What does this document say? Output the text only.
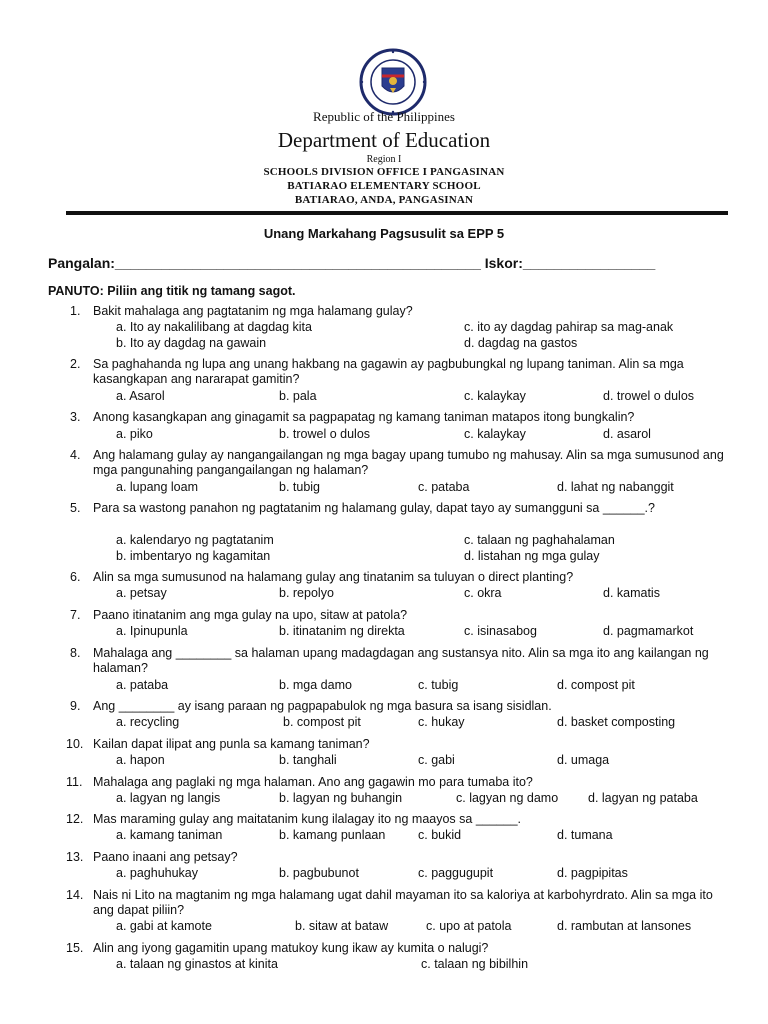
Republic of the Philippines
Department of Education
Region I
SCHOOLS DIVISION OFFICE I PANGASINAN
BATIARAO ELEMENTARY SCHOOL
BATIARAO, ANDA, PANGASINAN
Unang Markahang Pagsusulit sa EPP 5
Pangalan:_______________________________________________ Iskor:_________________
PANUTO: Piliin ang titik ng tamang sagot.
1.	Bakit mahalaga ang pagtatanim ng mga halamang gulay?
a. Ito ay nakalilibang at dagdag kita
b. Ito ay dagdag na gawain
c. ito ay dagdag pahirap sa mag-anak
d. dagdag na gastos
2.	Sa paghahanda ng lupa ang unang hakbang na gagawin ay pagbubungkal ng lupang taniman. Alin sa mga kasangkapan ang nararapat gamitin?
a. Asarol	b. pala	c. kalaykay	d. trowel o dulos
3.	Anong kasangkapan ang ginagamit sa pagpapatag ng kamang taniman matapos itong bungkalin?
a. piko	b. trowel o dulos	c. kalaykay	d. asarol
4.	Ang halamang gulay ay nangangailangan ng mga bagay upang tumubo ng mahusay. Alin sa mga sumusunod ang mga pangunahing pangangailangan ng halaman?
a. lupang loam	b. tubig	c. pataba	d. lahat ng nabanggit
5.	Para sa wastong panahon ng pagtatanim ng halamang gulay, dapat tayo ay sumangguni sa ______.?
a. kalendaryo ng pagtatanim
b. imbentaryo ng kagamitan
c. talaan ng paghahalaman
d. listahan ng mga gulay
6.	Alin sa mga sumusunod na halamang gulay ang tinatanim sa tuluyan o direct planting?
a. petsay	b. repolyo	c. okra	d. kamatis
7.	Paano itinatanim ang mga gulay na upo, sitaw at patola?
a. Ipinupunla	b. itinatanim ng direkta	c. isinasabog	d. pagmamarkot
8.	Mahalaga ang ________ sa halaman upang madagdagan ang sustansya nito. Alin sa mga ito ang kailangan ng halaman?
a. pataba	b. mga damo	c. tubig	d. compost pit
9.	Ang ________ ay isang paraan ng pagpapabulok ng mga basura sa isang sisidlan.
a. recycling	b. compost pit	c. hukay	d. basket composting
10. Kailan dapat ilipat ang punla sa kamang taniman?
a. hapon	b. tanghali	c. gabi	d. umaga
11. Mahalaga ang paglaki ng mga halaman. Ano ang gagawin mo para tumaba ito?
a. lagyan ng langis	b. lagyan ng buhangin	c. lagyan ng damo d. lagyan ng pataba
12. Mas maraming gulay ang maitatanim kung ilalagay ito ng maayos sa ______.
a. kamang taniman	b. kamang punlaan	c. bukid	d. tumana
13. Paano inaani ang petsay?
a. paghuhukay	b. pagbubunot	c. paggugupit	d. pagpipitas
14. Nais ni Lito na magtanim ng mga halamang ugat dahil mayaman ito sa kaloriya at karbohyrdrato. Alin sa mga ito ang dapat piliin?
a. gabi at kamote	b. sitaw at bataw	c. upo at patola	d. rambutan at lansones
15. Alin ang iyong gagamitin upang matukoy kung ikaw ay kumita o nalugi?
a. talaan ng ginastos at kinita	c. talaan ng bibilhin
